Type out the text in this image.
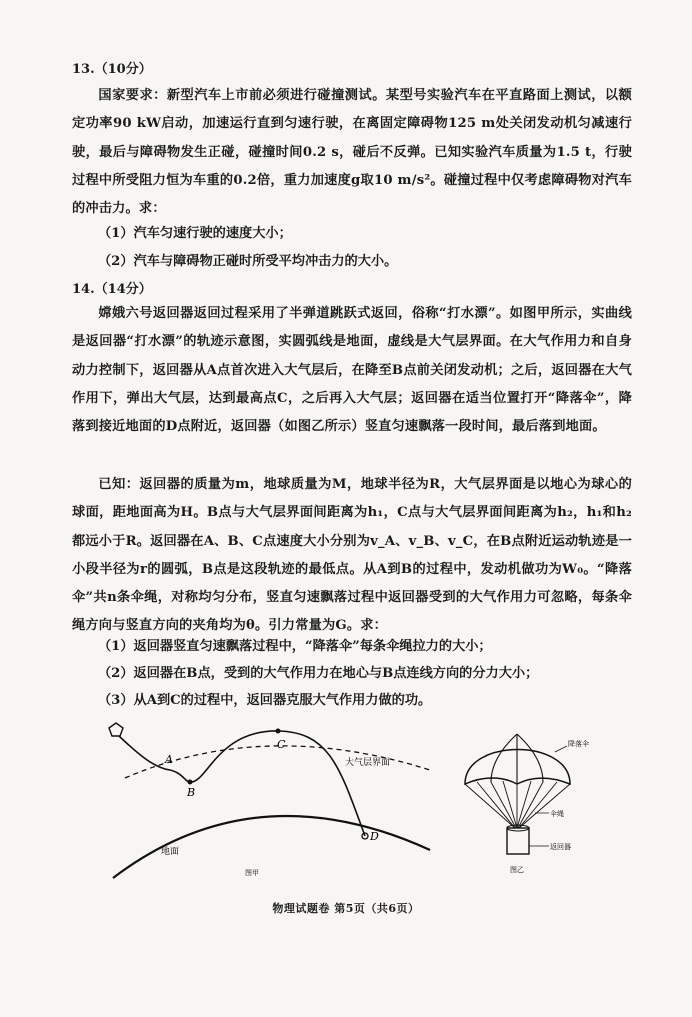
13.（10分）

国家要求：新型汽车上市前必须进行碰撞测试。某型号实验汽车在平直路面上测试，以额定功率90 kW启动，加速运行直到匀速行驶，在离固定障碍物125 m处关闭发动机匀减速行驶，最后与障碍物发生正碰，碰撞时间0.2 s，碰后不反弹。已知实验汽车质量为1.5 t，行驶过程中所受阻力恒为车重的0.2倍，重力加速度g取10 m/s²。碰撞过程中仅考虑障碍物对汽车的冲击力。求：

（1）汽车匀速行驶的速度大小；

（2）汽车与障碍物正碰时所受平均冲击力的大小。

14.（14分）

嫦娥六号返回器返回过程采用了半弹道跳跃式返回，俗称“打水漂”。如图甲所示，实曲线是返回器“打水漂”的轨迹示意图，实圆弧线是地面，虚线是大气层界面。在大气作用力和自身动力控制下，返回器从A点首次进入大气层后，在降至B点前关闭发动机；之后，返回器在大气作用下，弹出大气层，达到最高点C，之后再入大气层；返回器在适当位置打开“降落伞”，降落到接近地面的D点附近，返回器（如图乙所示）竖直匀速飘落一段时间，最后落到地面。

已知：返回器的质量为m，地球质量为M，地球半径为R，大气层界面是以地心为球心的球面，距地面高为H。B点与大气层界面间距离为h₁，C点与大气层界面间距离为h₂，h₁和h₂都远小于R。返回器在A、B、C点速度大小分别为v_A、v_B、v_C，在B点附近运动轨迹是一小段半径为r的圆弧，B点是这段轨迹的最低点。从A到B的过程中，发动机做功为W₀。“降落伞”共n条伞绳，对称均匀分布，竖直匀速飘落过程中返回器受到的大气作用力可忽略，每条伞绳方向与竖直方向的夹角均为θ。引力常量为G。求：

（1）返回器竖直匀速飘落过程中，“降落伞”每条伞绳拉力的大小；

（2）返回器在B点，受到的大气作用力在地心与B点连线方向的分力大小；

（3）从A到C的过程中，返回器克服大气作用力做的功。

A
B
C
D
大气层界面
地面
图甲
降落伞
伞绳
返回器
图乙
物理试题卷 第5页（共6页）
